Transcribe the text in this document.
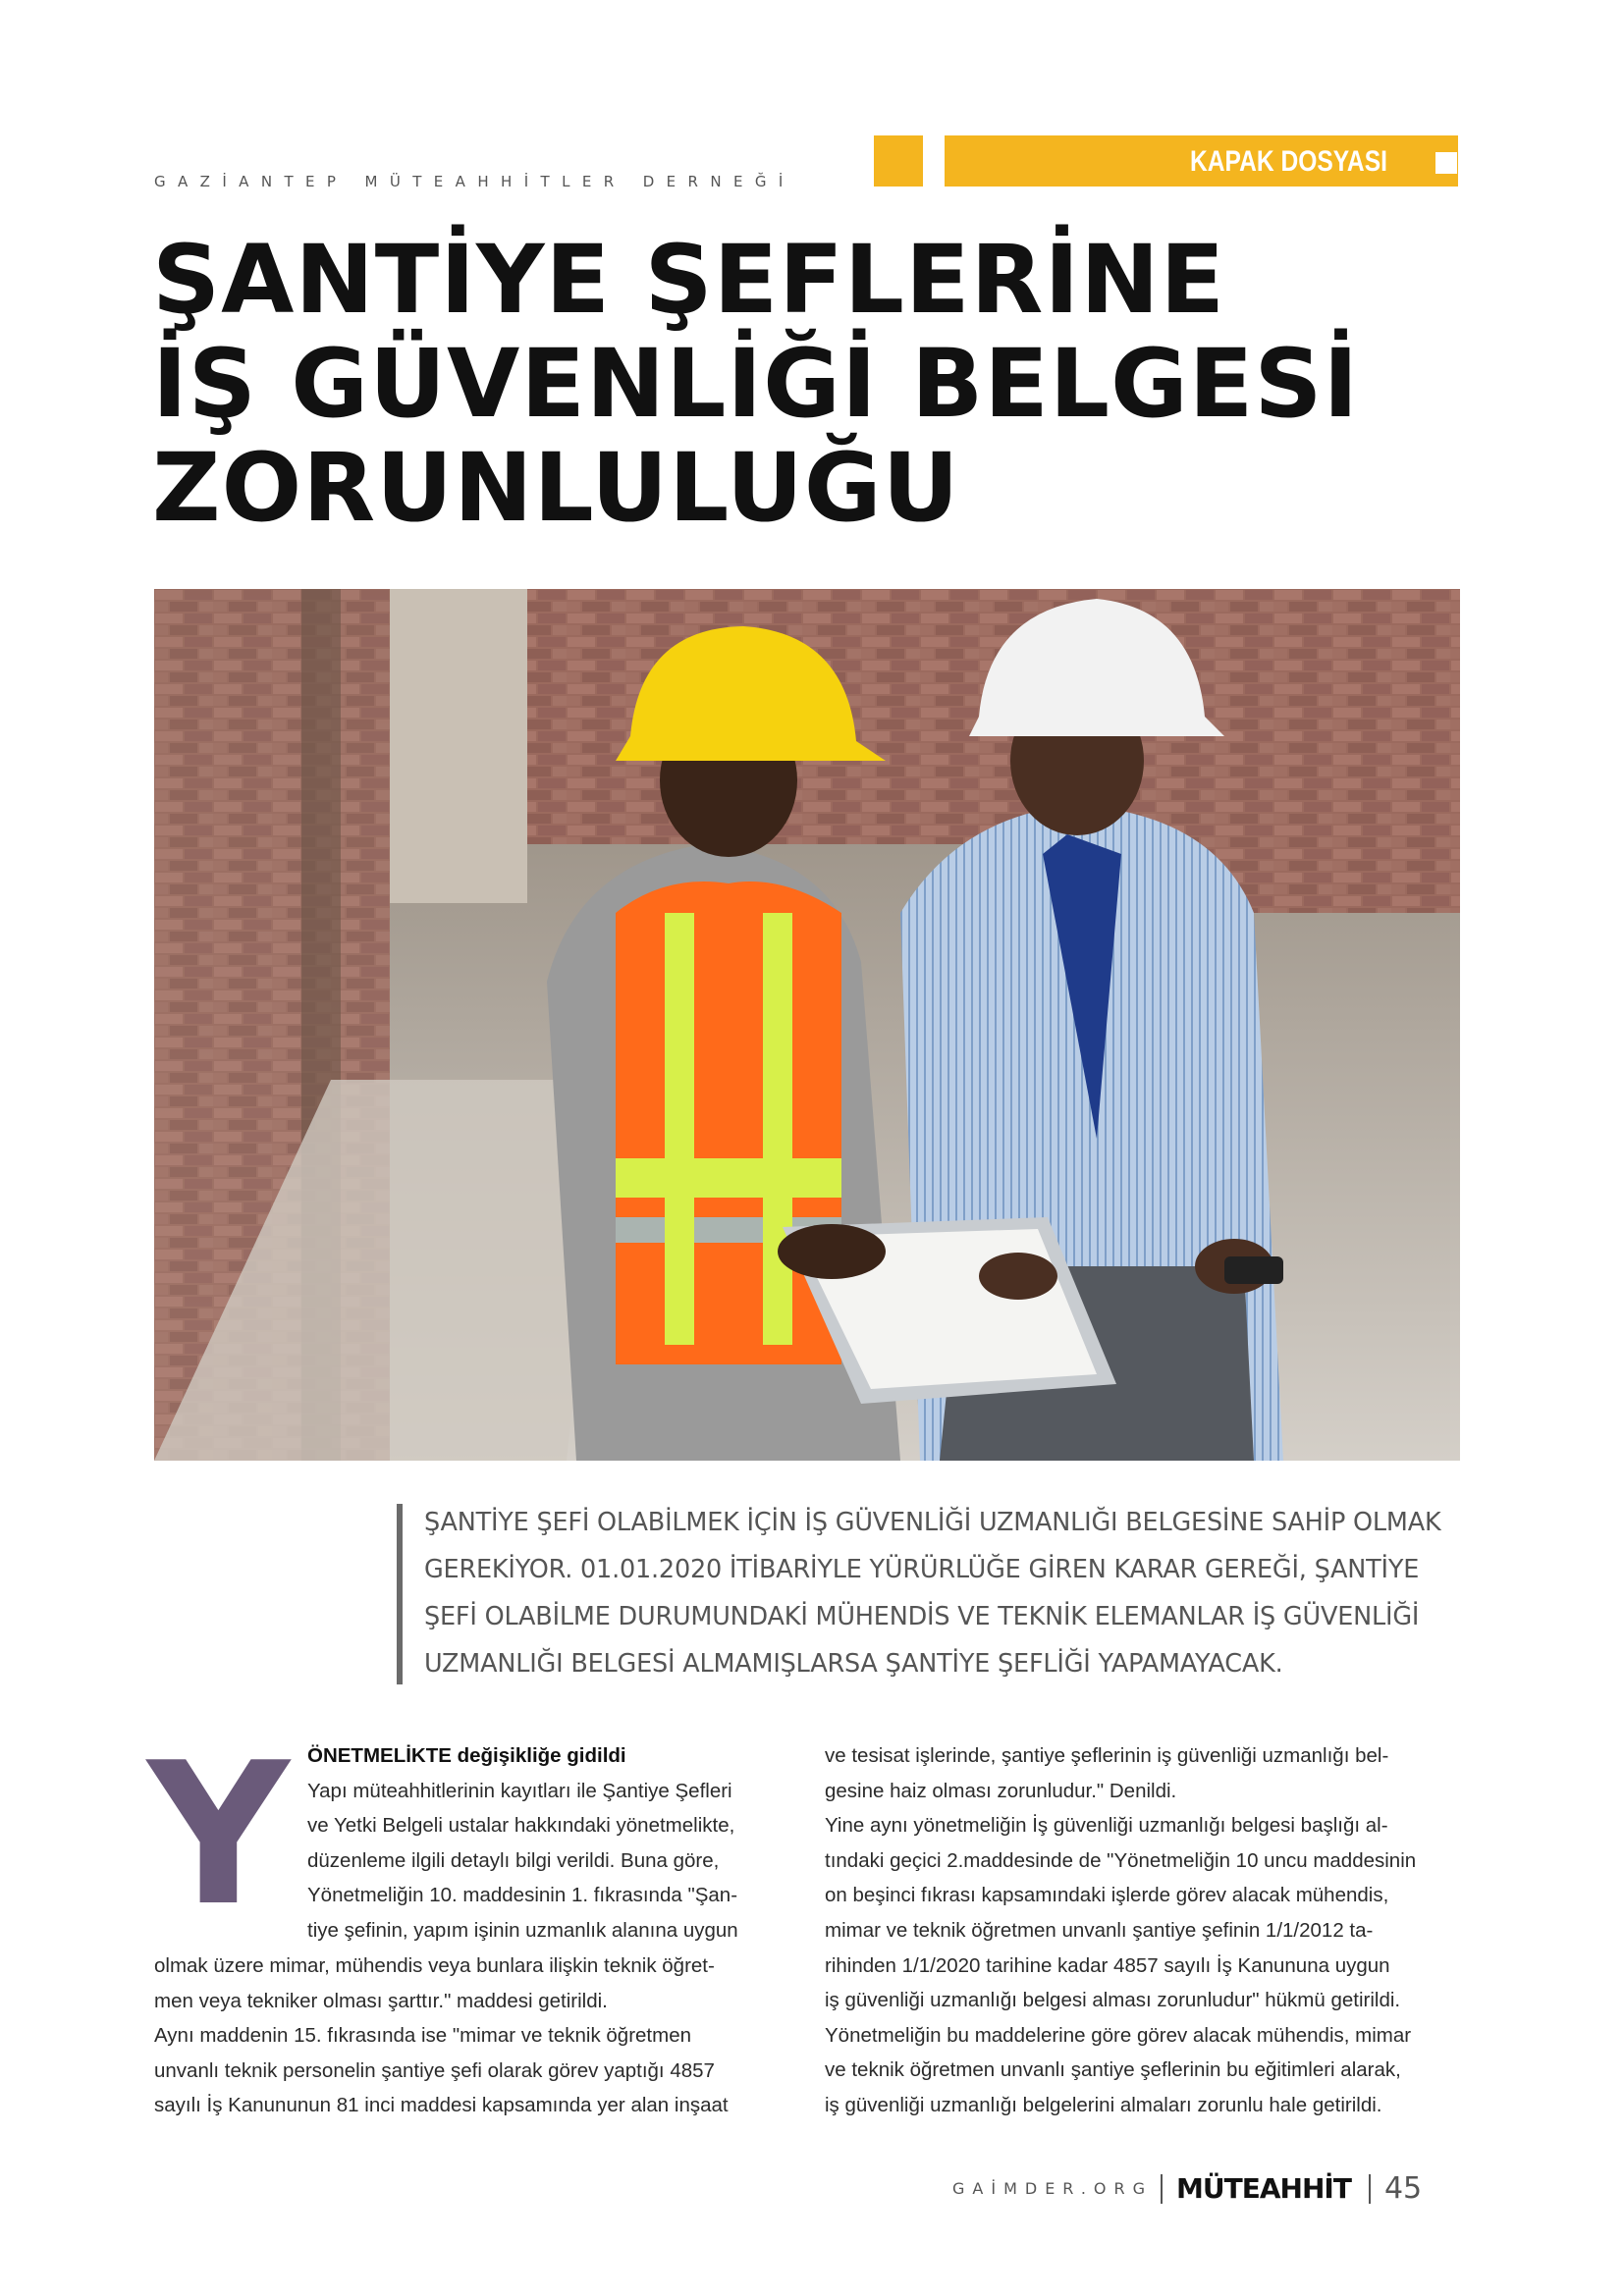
GAZİANTEP MÜTEAHHİTLER DERNEĞİ
KAPAK DOSYASI
ŞANTİYE ŞEFLERİNE
İŞ GÜVENLİĞİ BELGESİ
ZORUNLULUĞU
ŞANTİYE ŞEFİ OLABİLMEK İÇİN İŞ GÜVENLİĞİ UZMANLIĞI BELGESİNE SAHİP OLMAK
GEREKİYOR. 01.01.2020 İTİBARİYLE YÜRÜRLÜĞE GİREN KARAR GEREĞİ, ŞANTİYE
ŞEFİ OLABİLME DURUMUNDAKİ MÜHENDİS VE TEKNİK ELEMANLAR İŞ GÜVENLİĞİ
UZMANLIĞI BELGESİ ALMAMIŞLARSA ŞANTİYE ŞEFLİĞİ YAPAMAYACAK.
Y ÖNETMELİKTE değişikliğe gidildi
Yapı müteahhitlerinin kayıtları ile Şantiye Şefleri
ve Yetki Belgeli ustalar hakkındaki yönetmelikte,
düzenleme ilgili detaylı bilgi verildi. Buna göre,
Yönetmeliğin 10. maddesinin 1. fıkrasında "Şan-
tiye şefinin, yapım işinin uzmanlık alanına uygun
olmak üzere mimar, mühendis veya bunlara ilişkin teknik öğret-
men veya tekniker olması şarttır." maddesi getirildi.
Aynı maddenin 15. fıkrasında ise "mimar ve teknik öğretmen
unvanlı teknik personelin şantiye şefi olarak görev yaptığı 4857
sayılı İş Kanununun 81 inci maddesi kapsamında yer alan inşaat
ve tesisat işlerinde, şantiye şeflerinin iş güvenliği uzmanlığı bel-
gesine haiz olması zorunludur." Denildi.
Yine aynı yönetmeliğin İş güvenliği uzmanlığı belgesi başlığı al-
tındaki geçici 2.maddesinde de "Yönetmeliğin 10 uncu maddesinin
on beşinci fıkrası kapsamındaki işlerde görev alacak mühendis,
mimar ve teknik öğretmen unvanlı şantiye şefinin 1/1/2012 ta-
rihinden 1/1/2020 tarihine kadar 4857 sayılı İş Kanununa uygun
iş güvenliği uzmanlığı belgesi alması zorunludur" hükmü getirildi.
Yönetmeliğin bu maddelerine göre görev alacak mühendis, mimar
ve teknik öğretmen unvanlı şantiye şeflerinin bu eğitimleri alarak,
iş güvenliği uzmanlığı belgelerini almaları zorunlu hale getirildi.
GAİMDER.ORG MÜTEAHHİT 45
